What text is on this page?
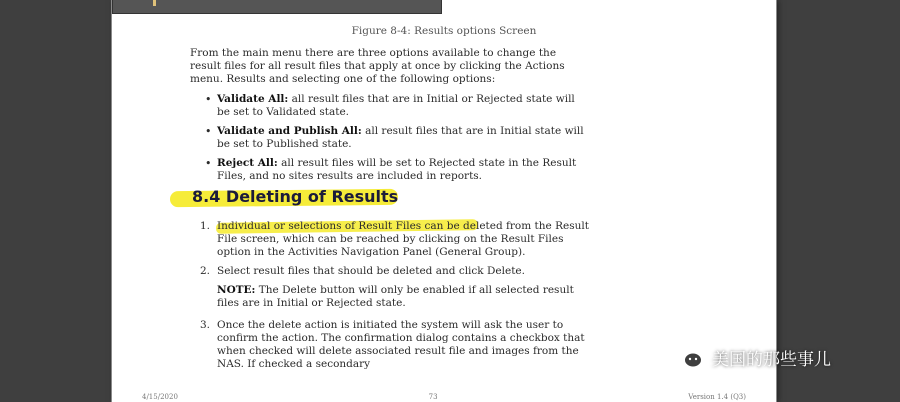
Figure 8-4: Results options Screen
From the main menu there are three options available to change the result files for all result files that apply at once by clicking the Actions menu. Results and selecting one of the following options:
• Validate All: all result files that are in Initial or Rejected state will be set to Validated state.
• Validate and Publish All: all result files that are in Initial state will be set to Published state.
• Reject All: all result files will be set to Rejected state in the Result Files, and no sites results are included in reports.
8.4 Deleting of Results
1. Individual or selections of Result Files can be deleted from the Result File screen, which can be reached by clicking on the Result Files option in the Activities Navigation Panel (General Group).
2. Select result files that should be deleted and click Delete.
NOTE: The Delete button will only be enabled if all selected result files are in Initial or Rejected state.
3. Once the delete action is initiated the system will ask the user to confirm the action. The confirmation dialog contains a checkbox that when checked will delete associated result file and images from the NAS. If checked a secondary
4/15/2020	73	Version 1.4 (Q3)
美国的那些事儿
